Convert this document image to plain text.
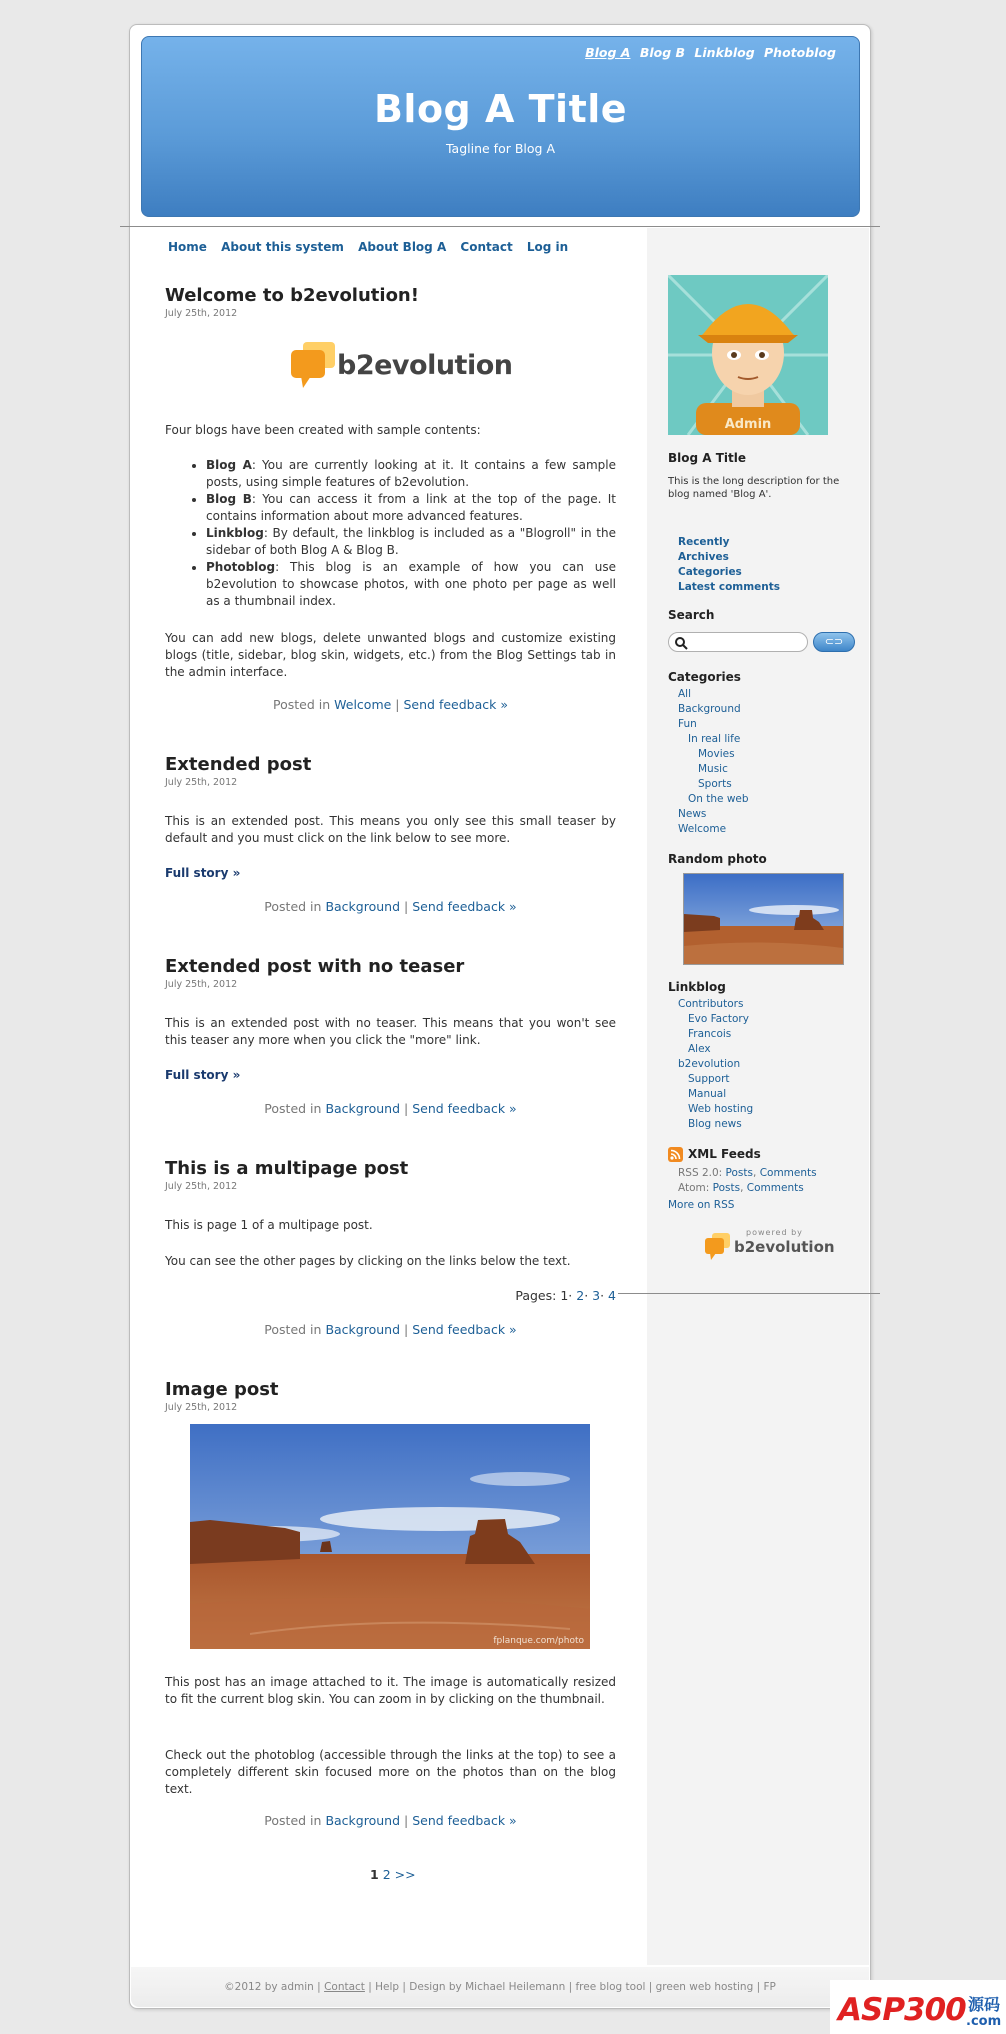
Blog A Blog B Linkblog Photoblog
Blog A Title
Tagline for Blog A
Home About this system About Blog A Contact Log in
Welcome to b2evolution!
July 25th, 2012
b2evolution

Four blogs have been created with sample contents:

• Blog A: You are currently looking at it. It contains a few sample posts, using simple features of b2evolution.
• Blog B: You can access it from a link at the top of the page. It contains information about more advanced features.
• Linkblog: By default, the linkblog is included as a "Blogroll" in the sidebar of both Blog A & Blog B.
• Photoblog: This blog is an example of how you can use b2evolution to showcase photos, with one photo per page as well as a thumbnail index.

You can add new blogs, delete unwanted blogs and customize existing blogs (title, sidebar, blog skin, widgets, etc.) from the Blog Settings tab in the admin interface.

Posted in Welcome | Send feedback »
Extended post
July 25th, 2012

This is an extended post. This means you only see this small teaser by default and you must click on the link below to see more.

Full story »
Posted in Background | Send feedback »
Extended post with no teaser
July 25th, 2012

This is an extended post with no teaser. This means that you won't see this teaser any more when you click the "more" link.

Full story »
Posted in Background | Send feedback »
This is a multipage post
July 25th, 2012

This is page 1 of a multipage post.

You can see the other pages by clicking on the links below the text.

Pages: 1· 2· 3· 4
Posted in Background | Send feedback »
Image post
July 25th, 2012
fplanque.com/photo

This post has an image attached to it. The image is automatically resized to fit the current blog skin. You can zoom in by clicking on the thumbnail.

Check out the photoblog (accessible through the links at the top) to see a completely different skin focused more on the photos than on the blog text.

Posted in Background | Send feedback »
1 2 >>
Admin
Blog A Title
This is the long description for the blog named 'Blog A'.
Recently
Archives
Categories
Latest comments
Search
⊂⊃
Categories
All
Background
Fun
In real life
Movies
Music
Sports
On the web
News
Welcome
Random photo
Linkblog
Contributors
Evo Factory
Francois
Alex
b2evolution
Support
Manual
Web hosting
Blog news
XML Feeds
RSS 2.0: Posts, Comments
Atom: Posts, Comments
More on RSS
powered by
b2evolution
©2012 by admin | Contact | Help | Design by Michael Heilemann | free blog tool | green web hosting | FP
ASP300 源码
.com
